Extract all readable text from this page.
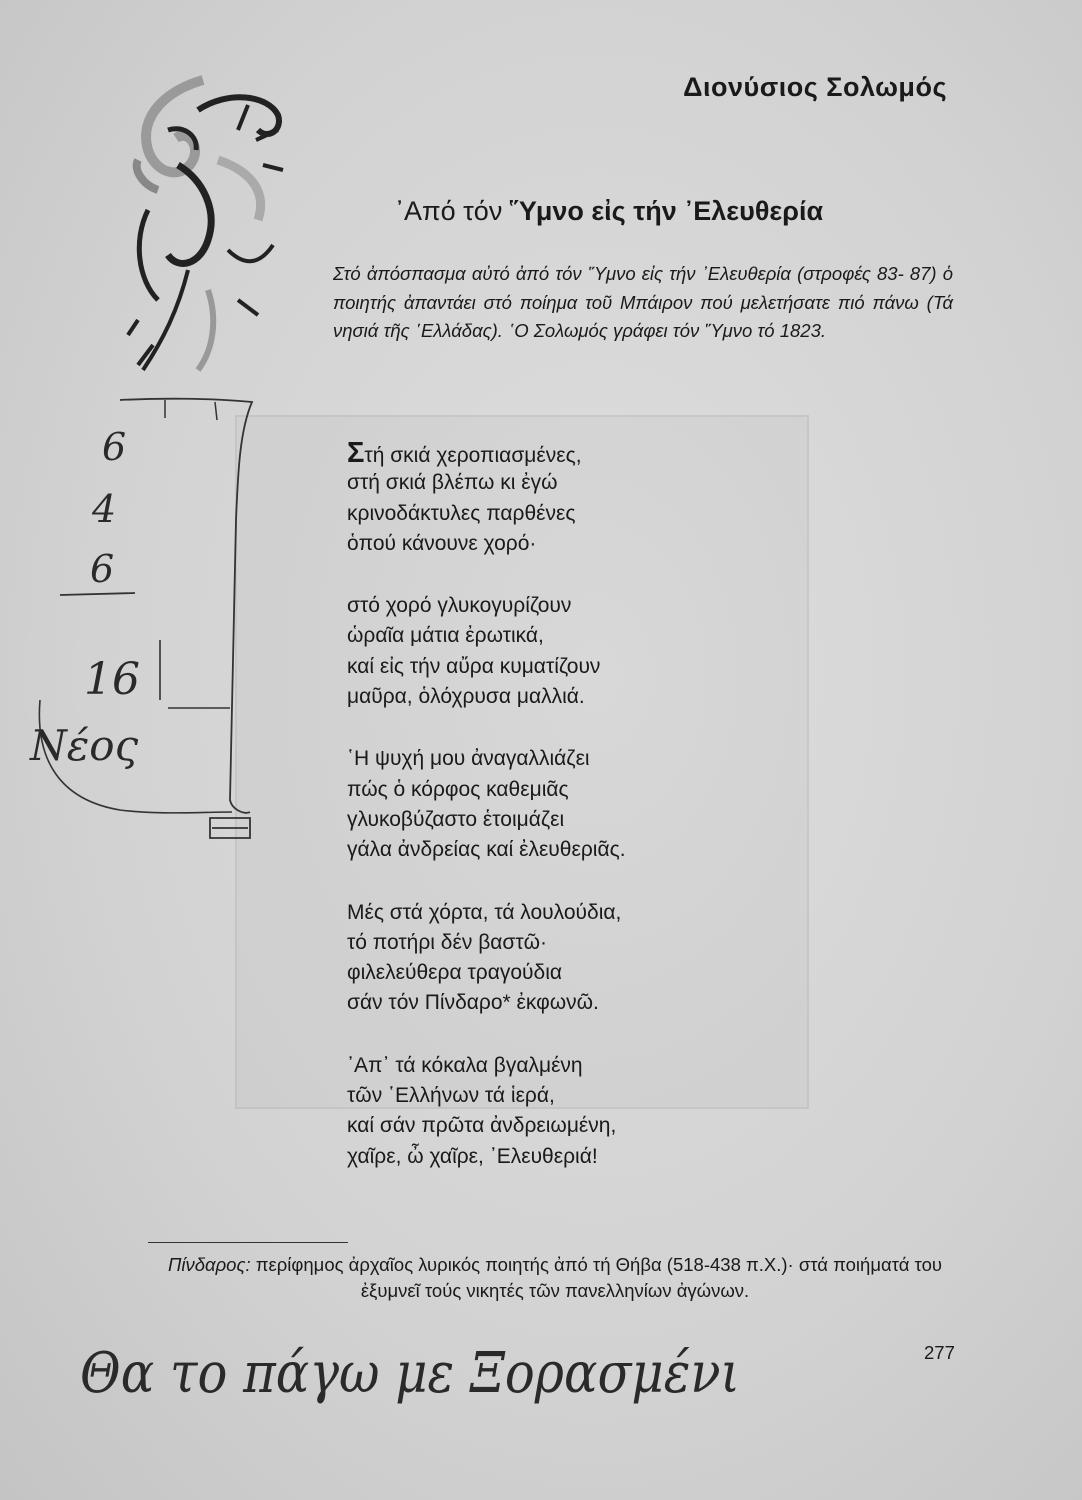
Διονύσιος Σολωμός
᾿Από τόν ῞Υμνο εἰς τήν ᾿Ελευθερία

Στό ἀπόσπασμα αὐτό ἀπό τόν ῞Υμνο εἰς τήν ᾿Ελευθερία (στροφές 83- 87) ὁ ποιητής ἀπαντάει στό ποίημα τοῦ Μπάιρον πού μελετήσατε πιό πάνω (Τά νησιά τῆς ῾Ελλάδας). ῾Ο Σολωμός γράφει τόν ῞Υμνο τό 1823.

Στή σκιά χεροπιασμένες,
στή σκιά βλέπω κι ἐγώ
κρινοδάκτυλες παρθένες
ὁπού κάνουνε χορό·
στό χορό γλυκογυρίζουν
ὡραῖα μάτια ἐρωτικά,
καί εἰς τήν αὔρα κυματίζουν
μαῦρα, ὁλόχρυσα μαλλιά.
῾Η ψυχή μου ἀναγαλλιάζει
πώς ὁ κόρφος καθεμιᾶς
γλυκοβύζαστο ἑτοιμάζει
γάλα ἀνδρείας καί ἐλευθεριᾶς.
Μές στά χόρτα, τά λουλούδια,
τό ποτήρι δέν βαστῶ·
φιλελεύθερα τραγούδια
σάν τόν Πίνδαρο* ἐκφωνῶ.
᾿Απ᾿ τά κόκαλα βγαλμένη
τῶν ῾Ελλήνων τά ἱερά,
καί σάν πρῶτα ἀνδρειωμένη,
χαῖρε, ὦ χαῖρε, ᾿Ελευθεριά!

Πίνδαρος: περίφημος ἀρχαῖος λυρικός ποιητής ἀπό τή Θήβα (518-438 π.Χ.)· στά ποιήματά του ἐξυμνεῖ τούς νικητές τῶν πανελληνίων ἀγώνων.

277
6
4
6
16
Νέος
Θα το πάγω με Ξορασμένι
